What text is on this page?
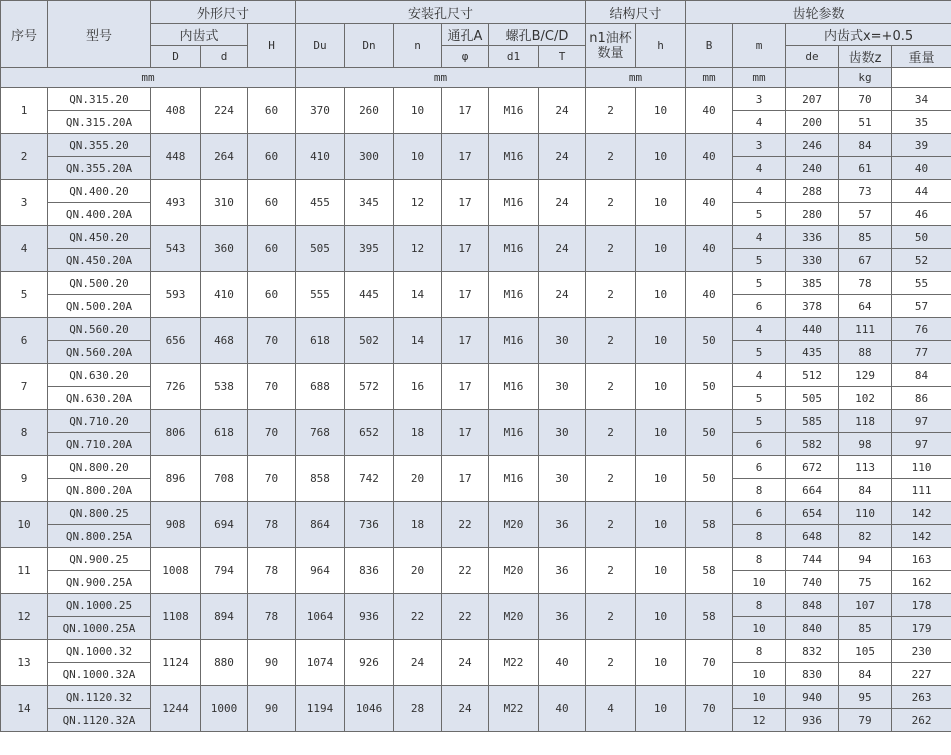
序号	型号	外形尺寸			安装孔尺寸						结构尺寸		齿轮参数				
		内齿式		H	Du	Dn	n	通孔A	螺孔B/C/D		n1油杯数量	h	B	m	内齿式x=+0.5		
		D	d					φ	d1	T					de	齿数z	重量
mm					mm						mm		mm	mm		kg	
1	QN.315.20	408	224	60	370	260	10	17	M16	24	2	10	40	3	207	70	34
	QN.315.20A													4	200	51	35
2	QN.355.20	448	264	60	410	300	10	17	M16	24	2	10	40	3	246	84	39
	QN.355.20A													4	240	61	40
3	QN.400.20	493	310	60	455	345	12	17	M16	24	2	10	40	4	288	73	44
	QN.400.20A													5	280	57	46
4	QN.450.20	543	360	60	505	395	12	17	M16	24	2	10	40	4	336	85	50
	QN.450.20A													5	330	67	52
5	QN.500.20	593	410	60	555	445	14	17	M16	24	2	10	40	5	385	78	55
	QN.500.20A													6	378	64	57
6	QN.560.20	656	468	70	618	502	14	17	M16	30	2	10	50	4	440	111	76
	QN.560.20A													5	435	88	77
7	QN.630.20	726	538	70	688	572	16	17	M16	30	2	10	50	4	512	129	84
	QN.630.20A													5	505	102	86
8	QN.710.20	806	618	70	768	652	18	17	M16	30	2	10	50	5	585	118	97
	QN.710.20A													6	582	98	97
9	QN.800.20	896	708	70	858	742	20	17	M16	30	2	10	50	6	672	113	110
	QN.800.20A													8	664	84	111
10	QN.800.25	908	694	78	864	736	18	22	M20	36	2	10	58	6	654	110	142
	QN.800.25A													8	648	82	142
11	QN.900.25	1008	794	78	964	836	20	22	M20	36	2	10	58	8	744	94	163
	QN.900.25A													10	740	75	162
12	QN.1000.25	1108	894	78	1064	936	22	22	M20	36	2	10	58	8	848	107	178
	QN.1000.25A													10	840	85	179
13	QN.1000.32	1124	880	90	1074	926	24	24	M22	40	2	10	70	8	832	105	230
	QN.1000.32A													10	830	84	227
14	QN.1120.32	1244	1000	90	1194	1046	28	24	M22	40	4	10	70	10	940	95	263
	QN.1120.32A													12	936	79	262
